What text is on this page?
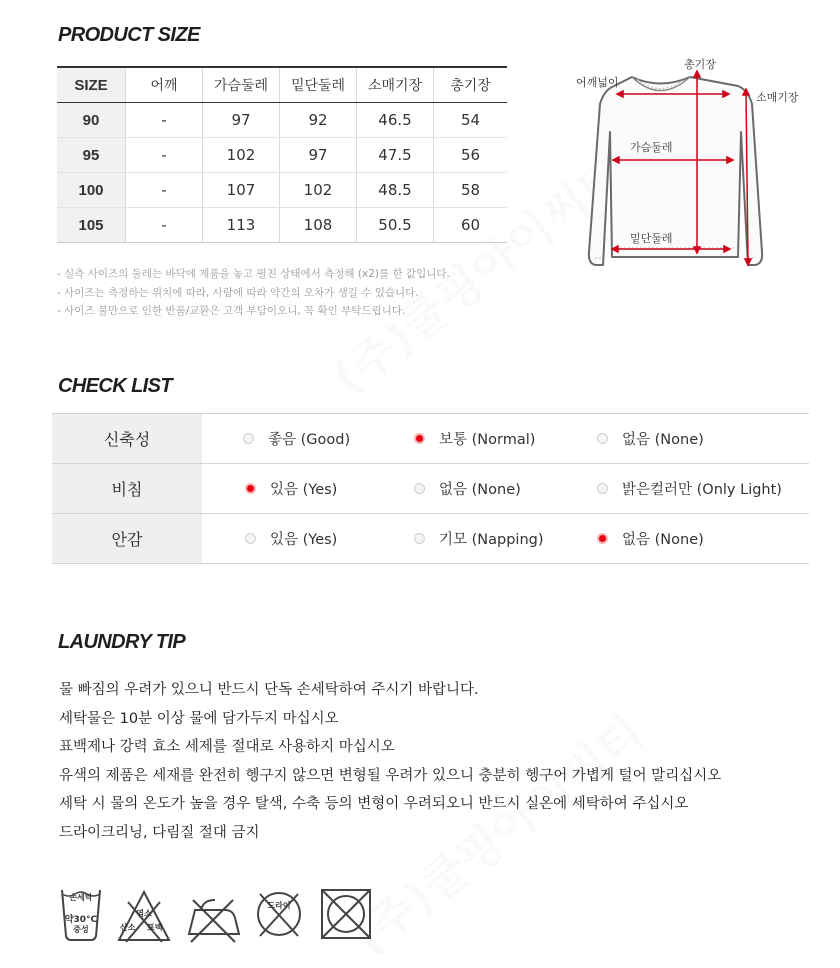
PRODUCT SIZE
SIZE	어깨	가슴둘레	밑단둘레	소매기장	총기장
90	-	97	92	46.5	54
95	-	102	97	47.5	56
100	-	107	102	48.5	58
105	-	113	108	50.5	60
- 실측 사이즈의 둘레는 바닥에 제품을 놓고 펼친 상태에서 측정해 (x2)를 한 값입니다.
- 사이즈는 측정하는 위치에 따라, 사람에 따라 약간의 오차가 생길 수 있습니다.
- 사이즈 불만으로 인한 반품/교환은 고객 부담이오니, 꼭 확인 부탁드립니다.
총기장
어깨넓이
소매기장
가슴둘레
밑단둘레
CHECK LIST
신축성	좋음 (Good)	보통 (Normal)	없음 (None)
비침	있음 (Yes)	없음 (None)	밝은컬러만 (Only Light)
안감	있음 (Yes)	기모 (Napping)	없음 (None)
LAUNDRY TIP
물 빠짐의 우려가 있으니 반드시 단독 손세탁하여 주시기 바랍니다.
세탁물은 10분 이상 물에 담가두지 마십시오
표백제나 강력 효소 세제를 절대로 사용하지 마십시오
유색의 제품은 세재를 완전히 헹구지 않으면 변형될 우려가 있으니 충분히 헹구어 가볍게 털어 말리십시오
세탁 시 물의 온도가 높을 경우 탈색, 수축 등의 변형이 우려되오니 반드시 실온에 세탁하여 주십시오
드라이크리닝, 다림질 절대 금지
손세탁
약30°C
중성
염소
산소 표백
드라이
